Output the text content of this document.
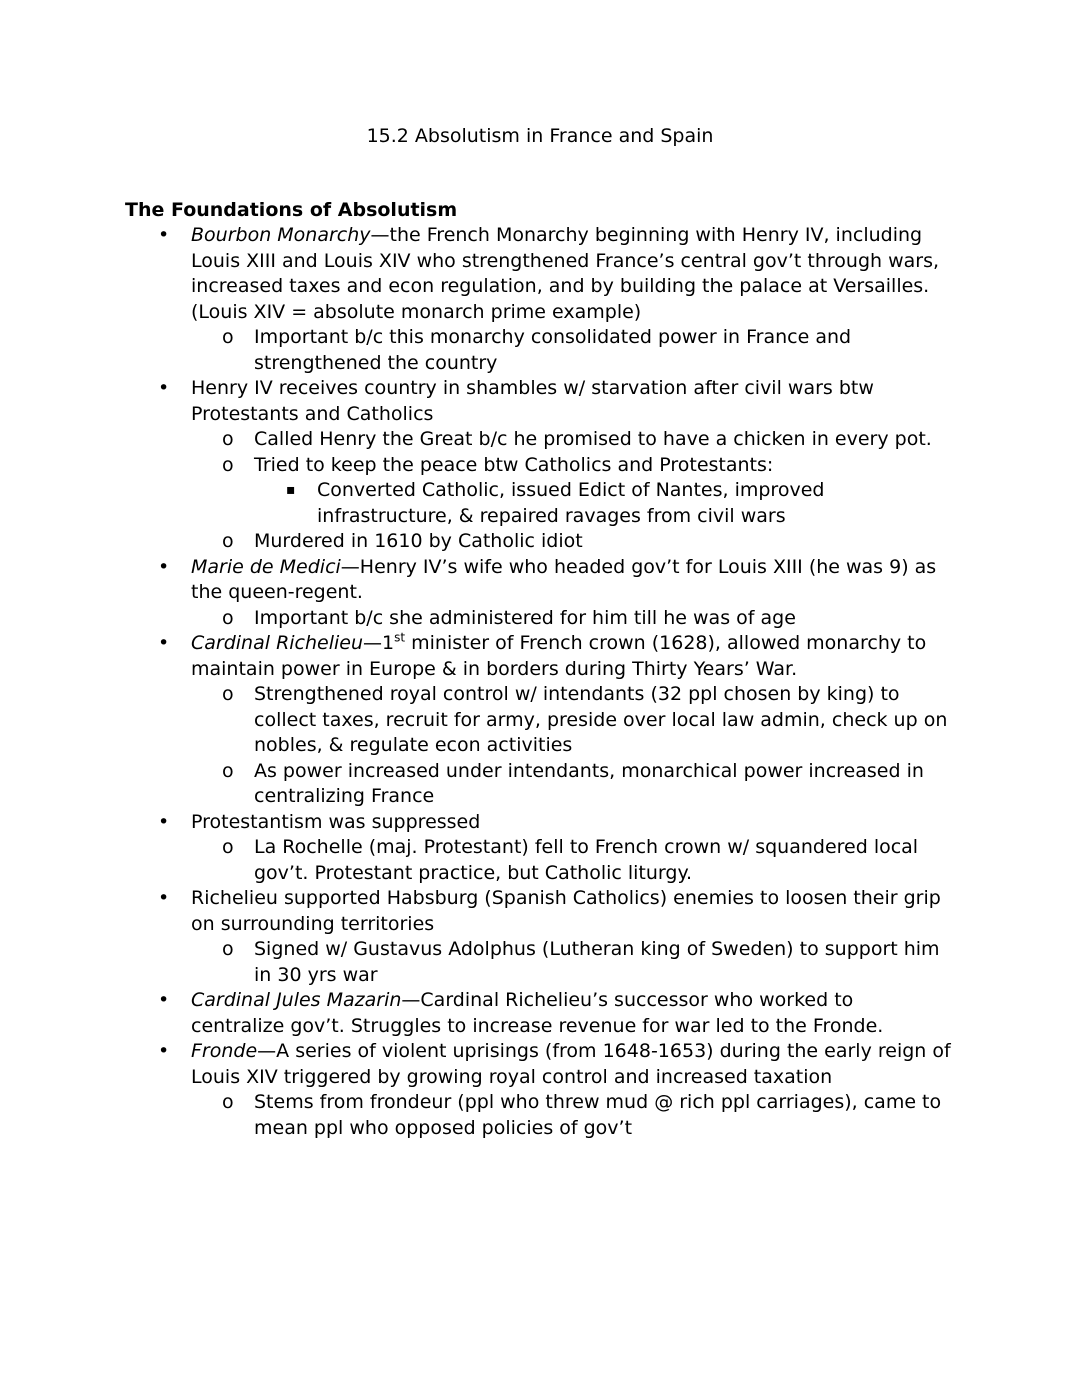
15.2 Absolutism in France and Spain
The Foundations of Absolutism
• Bourbon Monarchy—the French Monarchy beginning with Henry IV, including Louis XIII and Louis XIV who strengthened France’s central gov’t through wars, increased taxes and econ regulation, and by building the palace at Versailles. (Louis XIV = absolute monarch prime example)
o Important b/c this monarchy consolidated power in France and strengthened the country
• Henry IV receives country in shambles w/ starvation after civil wars btw Protestants and Catholics
o Called Henry the Great b/c he promised to have a chicken in every pot.
o Tried to keep the peace btw Catholics and Protestants:
▪ Converted Catholic, issued Edict of Nantes, improved infrastructure, & repaired ravages from civil wars
o Murdered in 1610 by Catholic idiot
• Marie de Medici—Henry IV’s wife who headed gov’t for Louis XIII (he was 9) as the queen-regent.
o Important b/c she administered for him till he was of age
• Cardinal Richelieu—1st minister of French crown (1628), allowed monarchy to maintain power in Europe & in borders during Thirty Years’ War.
o Strengthened royal control w/ intendants (32 ppl chosen by king) to collect taxes, recruit for army, preside over local law admin, check up on nobles, & regulate econ activities
o As power increased under intendants, monarchical power increased in centralizing France
• Protestantism was suppressed
o La Rochelle (maj. Protestant) fell to French crown w/ squandered local gov’t. Protestant practice, but Catholic liturgy.
• Richelieu supported Habsburg (Spanish Catholics) enemies to loosen their grip on surrounding territories
o Signed w/ Gustavus Adolphus (Lutheran king of Sweden) to support him in 30 yrs war
• Cardinal Jules Mazarin—Cardinal Richelieu’s successor who worked to centralize gov’t. Struggles to increase revenue for war led to the Fronde.
• Fronde—A series of violent uprisings (from 1648-1653) during the early reign of Louis XIV triggered by growing royal control and increased taxation
o Stems from frondeur (ppl who threw mud @ rich ppl carriages), came to mean ppl who opposed policies of gov’t
